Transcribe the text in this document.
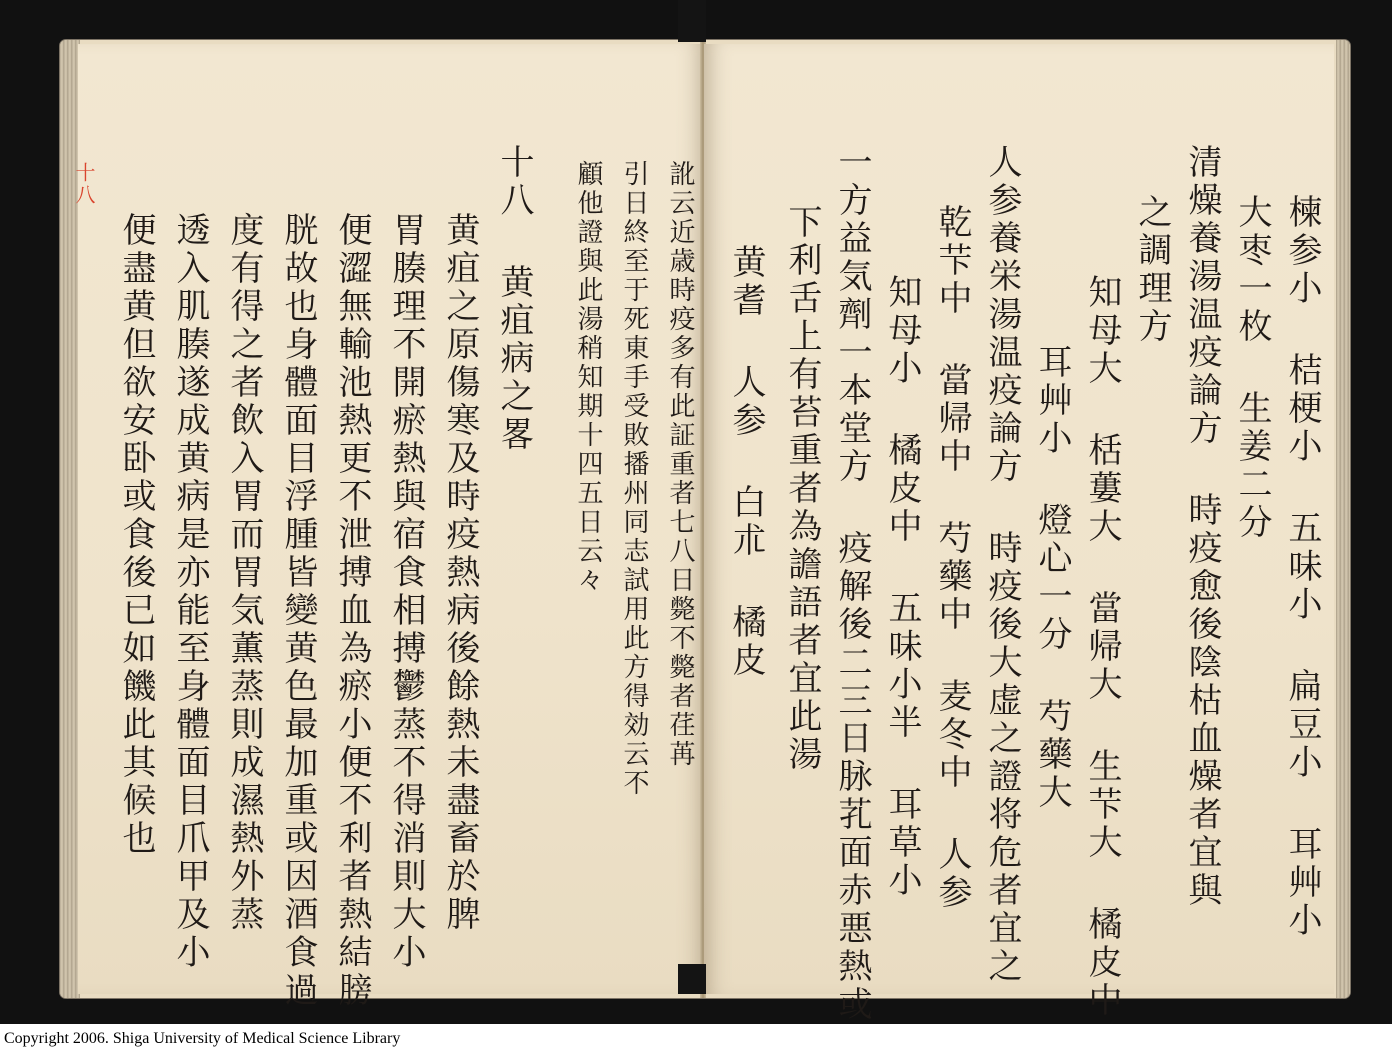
十八
便盡黄但欲安卧或食後已如饑此其候也 透入肌腠遂成黄病是亦能至身體面目爪甲及小 度有得之者飲入胃而胃気薫蒸則成濕熱外蒸 胱故也身體面目浮腫皆變黄色最加重或因酒食過 便澀無輸池熱更不泄搏血為瘀小便不利者熱結膀 胃腠理不開瘀熱與宿食相搏鬱蒸不得消則大小 黄疽之原傷寒及時疫熱病後餘熱未盡畜於脾 十八 黄疽病之畧 顧他證與此湯稍知期十四五日云々 引日終至于死東手受敗播州同志試用此方得効云不 訛云近歳時疫多有此証重者七八日斃不斃者荏苒	楝参小 桔梗小 五味小 扁豆小 耳艸小
大枣一枚 生姜二分
清燥養湯温疫論方 時疫愈後陰枯血燥者宜與
之調理方
知母大 栝蔞大 當帰大 生芐大 橘皮中
耳艸小 燈心一分 芍藥大
人参養栄湯温疫論方 時疫後大虚之證将危者宜之
乾芐中 當帰中 芍藥中 麦冬中 人参
知母小 橘皮中 五味小半 耳草小
一方益気劑一本堂方 疫解後二三日脉芤面赤悪熱或
下利舌上有苔重者為譫語者宜此湯
黄耆 人参 白朮 橘皮
Copyright 2006. Shiga University of Medical Science Library
